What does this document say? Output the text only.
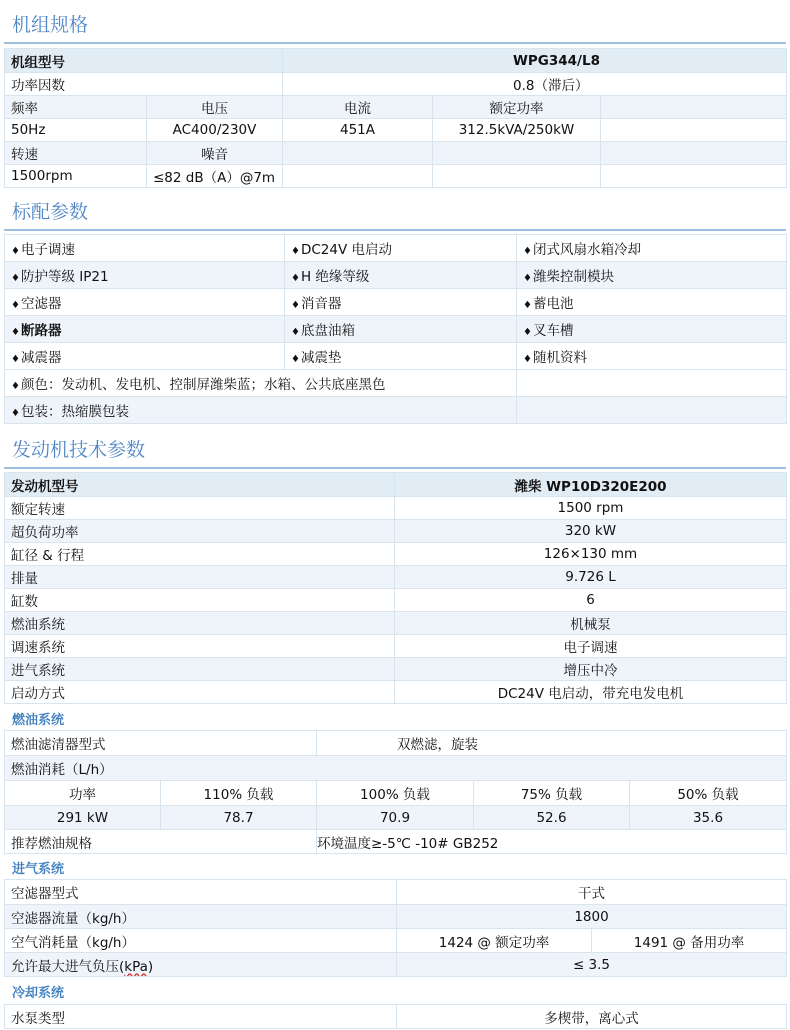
机组规格
机组型号		WPG344/L8		
功率因数		0.8（滞后）		
频率	电压	电流	额定功率	
50Hz	AC400/230V	451A	312.5kVA/250kW	
转速	噪音			
1500rpm	≤82 dB（A）@7m			
标配参数
♦电子调速	♦DC24V 电启动	♦闭式风扇水箱冷却
♦防护等级 IP21	♦H 绝缘等级	♦潍柴控制模块
♦空滤器	♦消音器	♦蓄电池
♦断路器	♦底盘油箱	♦叉车槽
♦减震器	♦减震垫	♦随机资料
♦颜色：发动机、发电机、控制屏潍柴蓝；水箱、公共底座黑色		
♦包装：热缩膜包装		
发动机技术参数
发动机型号	潍柴 WP10D320E200
额定转速	1500 rpm
超负荷功率	320 kW
缸径 & 行程	126×130 mm
排量	9.726 L
缸数	6
燃油系统	机械泵
调速系统	电子调速
进气系统	增压中冷
启动方式	DC24V 电启动，带充电发电机
燃油系统
燃油滤清器型式		双燃滤，旋装		
燃油消耗（L/h）				
功率	110% 负载	100% 负载	75% 负载	50% 负载
291 kW	78.7	70.9	52.6	35.6
推荐燃油规格		环境温度≥-5℃ -10# GB252		
进气系统
空滤器型式	干式	
空滤器流量（kg/h）	1800	
空气消耗量（kg/h）	1424 @ 额定功率	1491 @ 备用功率
允许最大进气负压(kPa)	≤ 3.5	
冷却系统
水泵类型	多楔带，离心式
